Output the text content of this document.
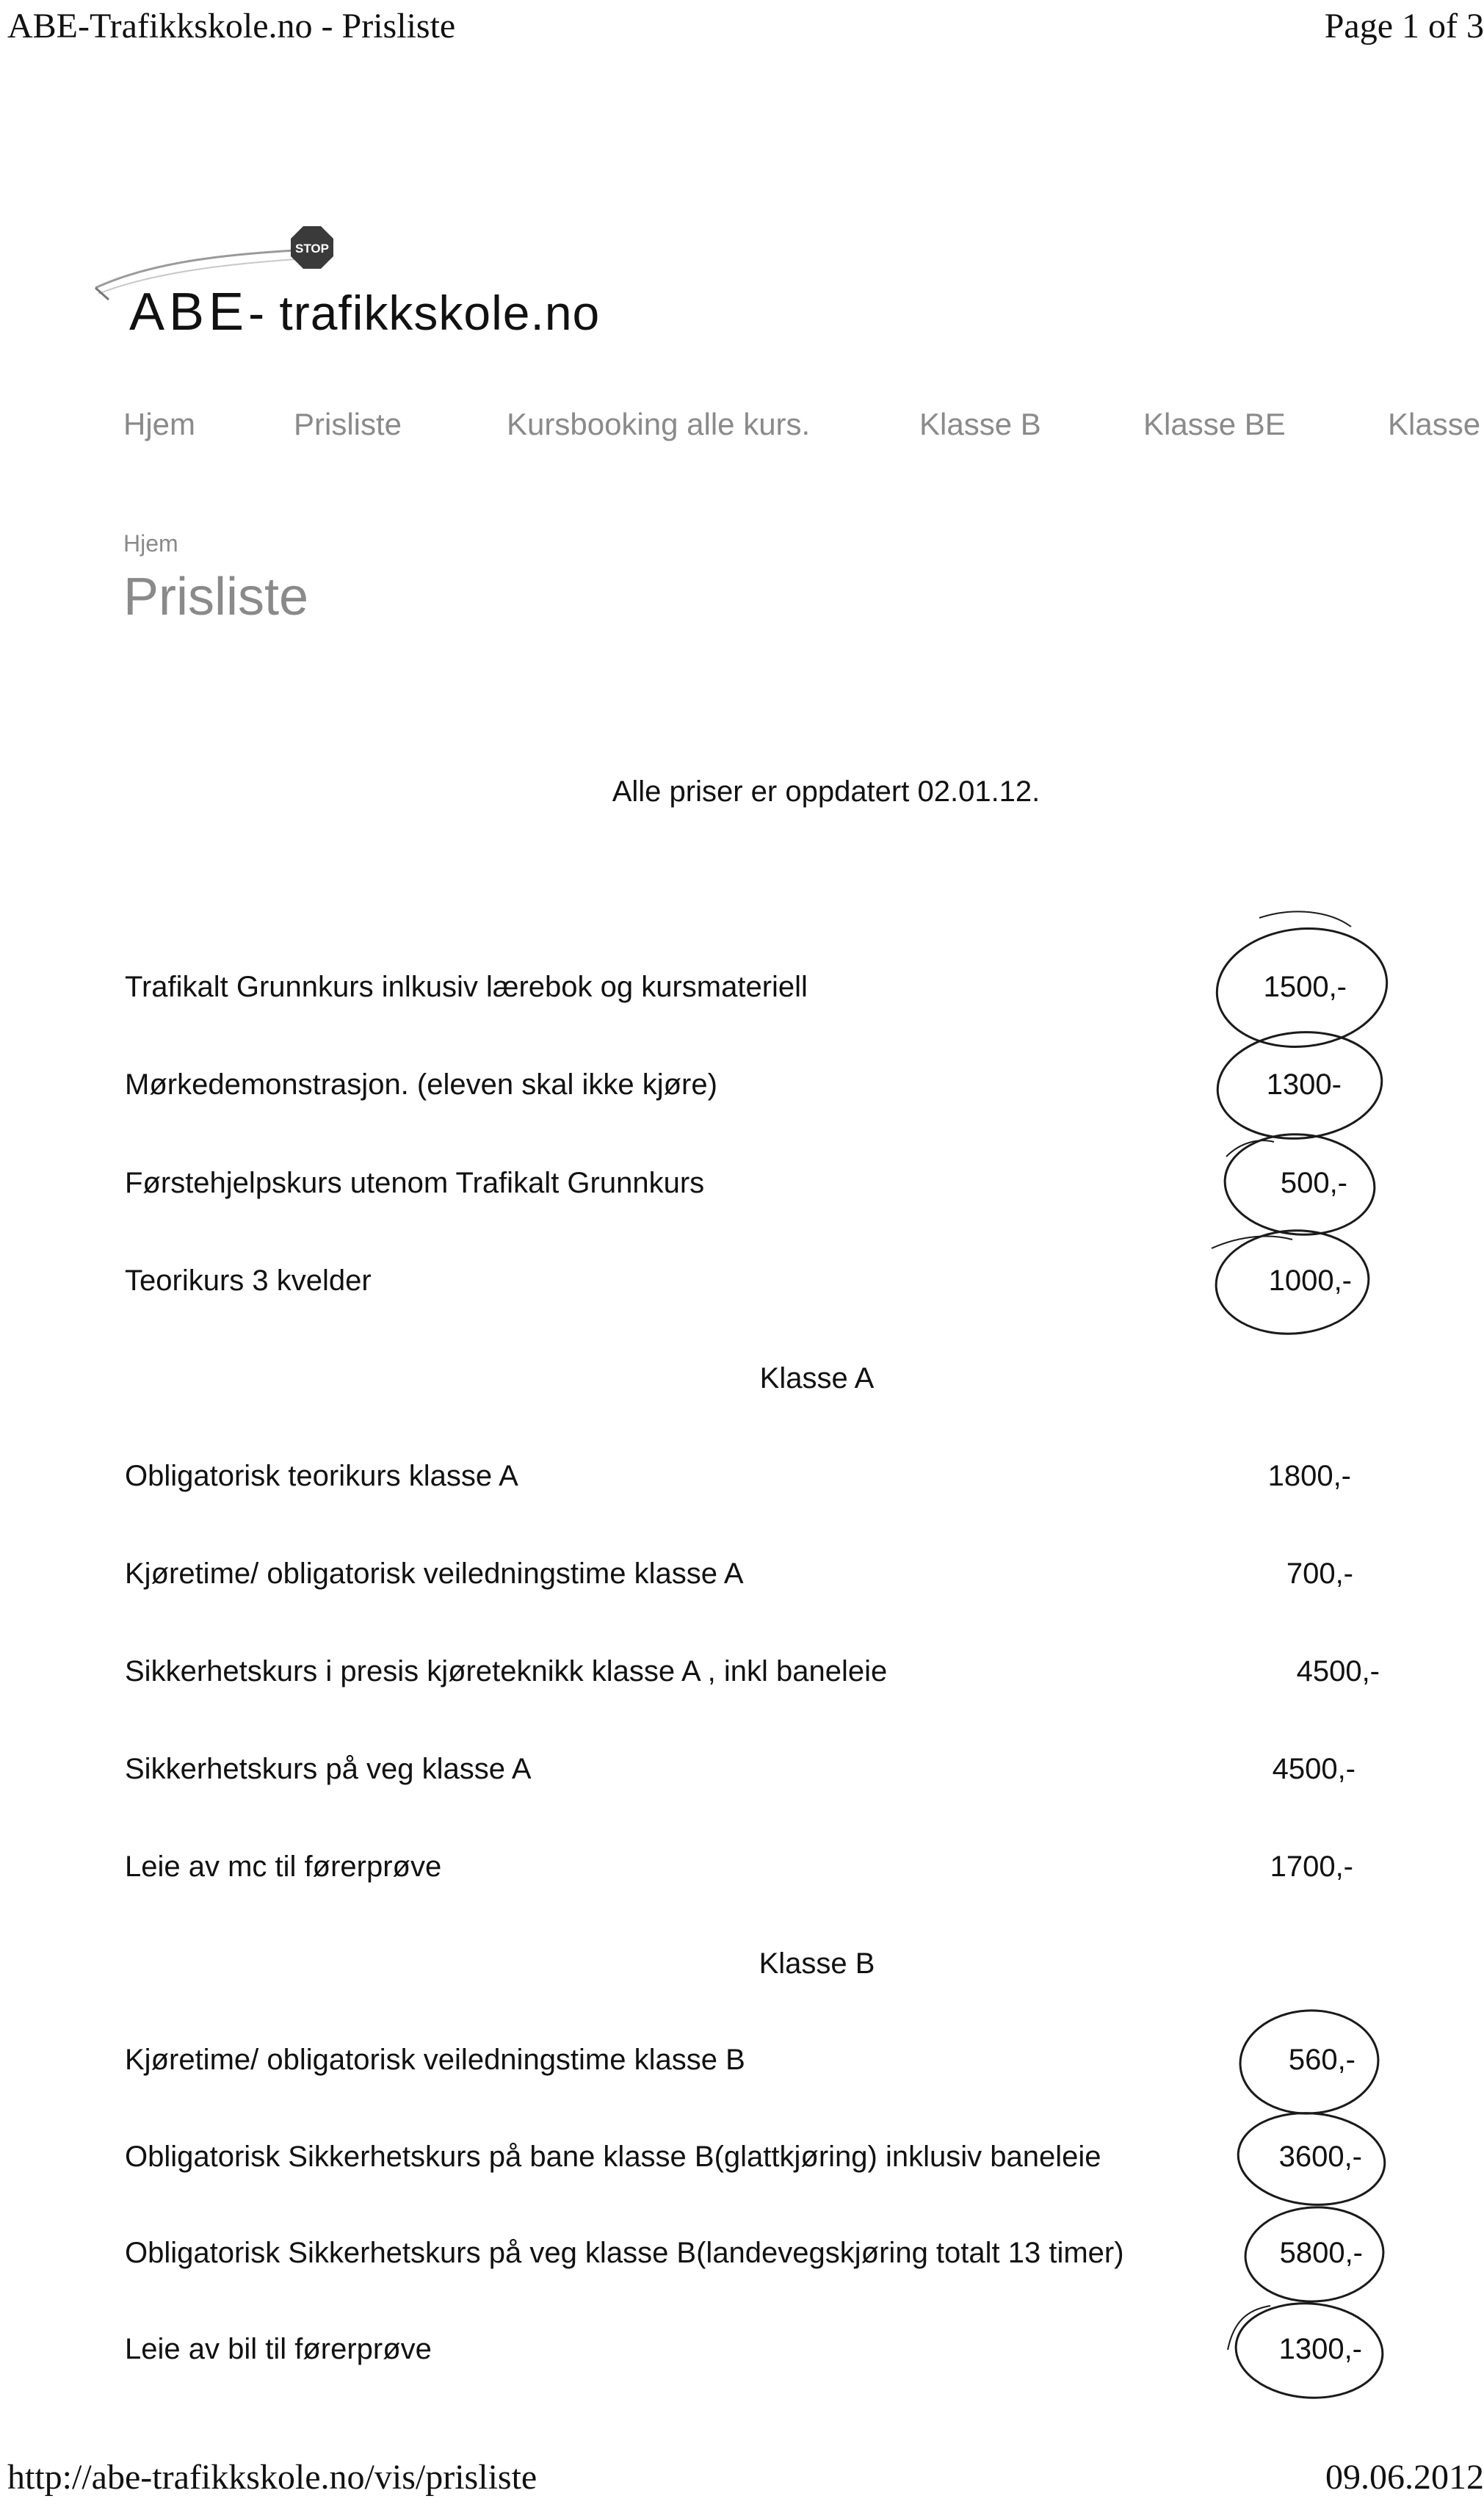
ABE-Trafikkskole.no - Prisliste	Page 1 of 3
http://abe-trafikkskole.no/vis/prisliste	09.06.2012
STOP
ABE- trafikkskole.no
Hjem	Prisliste	Kursbooking alle kurs.	Klasse B	Klasse BE	Klasse
Hjem
Prisliste
Alle priser er oppdatert 02.01.12.
Trafikalt Grunnkurs inlkusiv lærebok og kursmateriell	1500,-
Mørkedemonstrasjon. (eleven skal ikke kjøre)	1300-
Førstehjelpskurs utenom Trafikalt Grunnkurs	500,-
Teorikurs 3 kvelder	1000,-
Klasse A
Obligatorisk teorikurs klasse A	1800,-
Kjøretime/ obligatorisk veiledningstime klasse A	700,-
Sikkerhetskurs i presis kjøreteknikk klasse A , inkl baneleie	4500,-
Sikkerhetskurs på veg klasse A	4500,-
Leie av mc til førerprøve	1700,-
Klasse B
Kjøretime/ obligatorisk veiledningstime klasse B	560,-
Obligatorisk Sikkerhetskurs på bane klasse B(glattkjøring) inklusiv baneleie	3600,-
Obligatorisk Sikkerhetskurs på veg klasse B(landevegskjøring totalt 13 timer)	5800,-
Leie av bil til førerprøve	1300,-
